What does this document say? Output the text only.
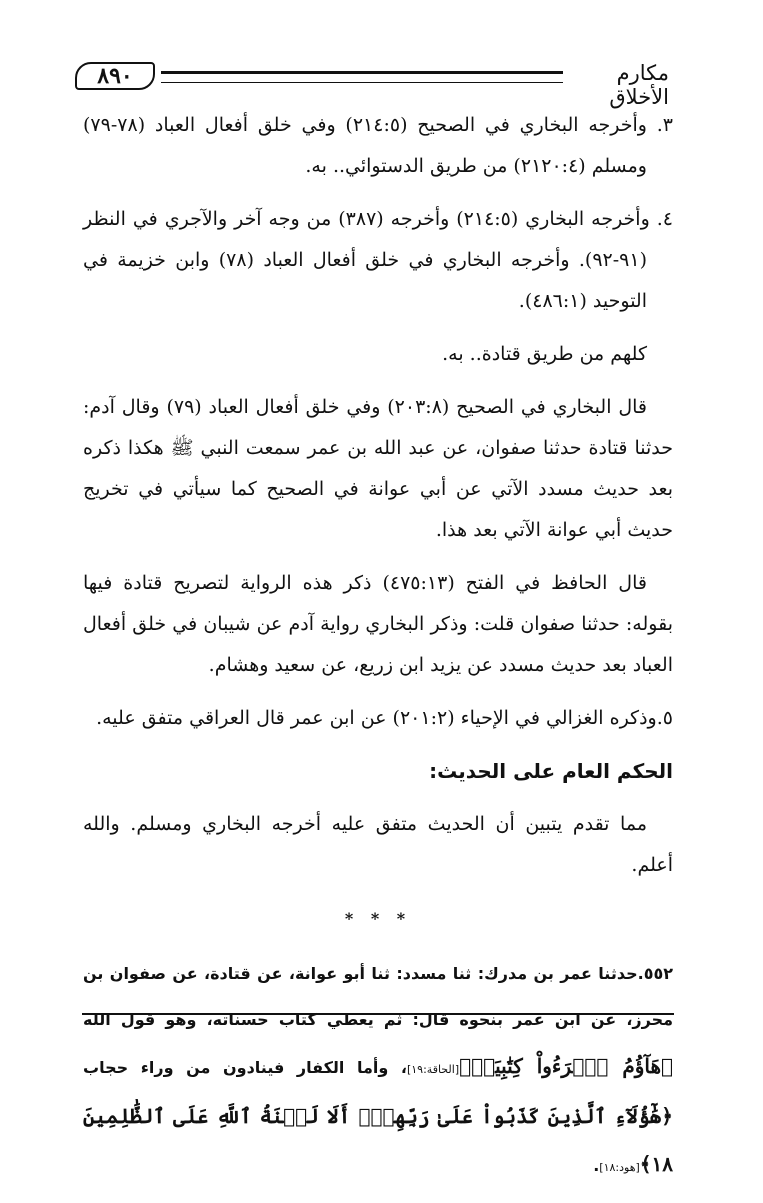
٨٩٠	مكارم الأخلاق

٣. وأخرجه البخاري في الصحيح (٢١٤:٥) وفي خلق أفعال العباد (٧٨-٧٩) ومسلم (٢١٢٠:٤) من طريق الدستوائي.. به.

٤. وأخرجه البخاري (٢١٤:٥) وأخرجه (٣٨٧) من وجه آخر والآجري في النظر (٩١-٩٢). وأخرجه البخاري في خلق أفعال العباد (٧٨) وابن خزيمة في التوحيد (٤٨٦:١).

كلهم من طريق قتادة.. به.

قال البخاري في الصحيح (٢٠٣:٨) وفي خلق أفعال العباد (٧٩) وقال آدم: حدثنا قتادة حدثنا صفوان، عن عبد الله بن عمر سمعت النبي ﷺ هكذا ذكره بعد حديث مسدد الآتي عن أبي عوانة في الصحيح كما سيأتي في تخريج حديث أبي عوانة الآتي بعد هذا.

قال الحافظ في الفتح (٤٧٥:١٣) ذكر هذه الرواية لتصريح قتادة فيها بقوله: حدثنا صفوان قلت: وذكر البخاري رواية آدم عن شيبان في خلق أفعال العباد بعد حديث مسدد عن يزيد ابن زريع، عن سعيد وهشام.

٥.وذكره الغزالي في الإحياء (٢٠١:٢) عن ابن عمر قال العراقي متفق عليه.

الحكم العام على الحديث:

مما تقدم يتبين أن الحديث متفق عليه أخرجه البخاري ومسلم. والله أعلم.

* * *

٥٥٢.حدثنا عمر بن مدرك: ثنا مسدد: ثنا أبو عوانة، عن قتادة، عن صفوان بن محرز، عن ابن عمر بنحوه قال: ثم يعطي كتاب حسناته، وهو قول الله ﴿هَآؤُمُ ٱقۡرَءُواْ كِتَٰبِيَهۡ﴾[الحاقة:١٩]، وأما الكفار فينادون من وراء حجاب ﴿هَٰٓؤُلَآءِ ٱلَّذِينَ كَذَبُواْ عَلَىٰ رَبِّهِمۡۚ أَلَا لَعۡنَةُ ٱللَّهِ عَلَى ٱلظَّٰلِمِينَ ١٨﴾[هود:١٨].
